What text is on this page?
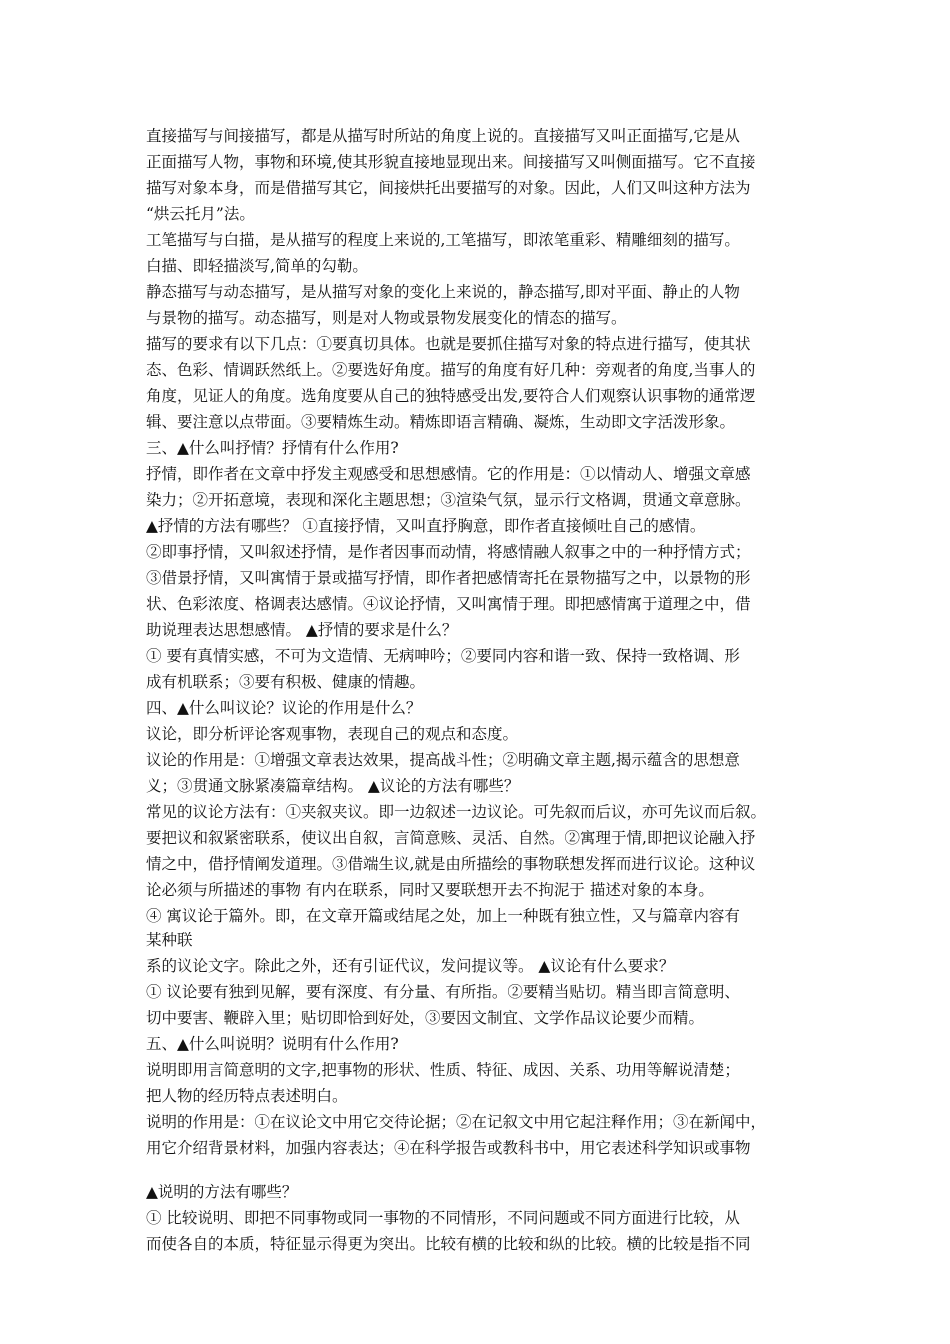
直接描写与间接描写，都是从描写时所站的角度上说的。直接描写又叫正面描写,它是从
正面描写人物，事物和环境,使其形貌直接地显现出来。间接描写又叫侧面描写。它不直接
描写对象本身，而是借描写其它，间接烘托出要描写的对象。因此，人们又叫这种方法为
“烘云托月”法。
工笔描写与白描，是从描写的程度上来说的,工笔描写，即浓笔重彩、精雕细刻的描写。
白描、即轻描淡写,简单的勾勒。
静态描写与动态描写，是从描写对象的变化上来说的，静态描写,即对平面、静止的人物
与景物的描写。动态描写，则是对人物或景物发展变化的情态的描写。
描写的要求有以下几点：①要真切具体。也就是要抓住描写对象的特点进行描写，使其状
态、色彩、情调跃然纸上。②要选好角度。描写的角度有好几种：旁观者的角度,当事人的
角度，见证人的角度。选角度要从自己的独特感受出发,要符合人们观察认识事物的通常逻
辑、要注意以点带面。③要精炼生动。精炼即语言精确、凝炼，生动即文字活泼形象。
三、▲什么叫抒情？抒情有什么作用?
抒情，即作者在文章中抒发主观感受和思想感情。它的作用是：①以情动人、增强文章感
染力；②开拓意境，表现和深化主题思想；③渲染气氛，显示行文格调，贯通文章意脉。
▲抒情的方法有哪些？ ①直接抒情，又叫直抒胸意，即作者直接倾吐自己的感情。
②即事抒情，又叫叙述抒情，是作者因事而动情，将感情融人叙事之中的一种抒情方式；
③借景抒情，又叫寓情于景或描写抒情，即作者把感情寄托在景物描写之中，以景物的形
状、色彩浓度、格调表达感情。④议论抒情，又叫寓情于理。即把感情寓于道理之中，借
助说理表达思想感情。 ▲抒情的要求是什么？
① 要有真情实感，不可为文造情、无病呻吟；②要同内容和谐一致、保持一致格调、形
成有机联系；③要有积极、健康的情趣。
四、▲什么叫议论？议论的作用是什么？
议论，即分析评论客观事物，表现自己的观点和态度。
议论的作用是：①增强文章表达效果，提高战斗性；②明确文章主题,揭示蕴含的思想意
义；③贯通文脉紧凑篇章结构。 ▲议论的方法有哪些？
常见的议论方法有：①夹叙夹议。即一边叙述一边议论。可先叙而后议，亦可先议而后叙。
要把议和叙紧密联系，使议出自叙，言简意赅、灵活、自然。②寓理于情,即把议论融入抒
情之中，借抒情阐发道理。③借端生议,就是由所描绘的事物联想发挥而进行议论。这种议
论必须与所描述的事物 有内在联系，同时又要联想开去不拘泥于 描述对象的本身。
④ 寓议论于篇外。即，在文章开篇或结尾之处，加上一种既有独立性，又与篇章内容有
某种联
系的议论文字。除此之外，还有引证代议，发问提议等。 ▲议论有什么要求？
① 议论要有独到见解，要有深度、有分量、有所指。②要精当贴切。精当即言简意明、
切中要害、鞭辟入里；贴切即恰到好处，③要因文制宜、文学作品议论要少而精。
五、▲什么叫说明？说明有什么作用?
说明即用言简意明的文字,把事物的形状、性质、特征、成因、关系、功用等解说清楚；
把人物的经历特点表述明白。
说明的作用是：①在议论文中用它交待论据；②在记叙文中用它起注释作用；③在新闻中，
用它介绍背景材料，加强内容表达；④在科学报告或教科书中，用它表述科学知识或事物
▲说明的方法有哪些？
① 比较说明、即把不同事物或同一事物的不同情形，不同问题或不同方面进行比较，从
而使各自的本质，特征显示得更为突出。比较有横的比较和纵的比较。横的比较是指不同
